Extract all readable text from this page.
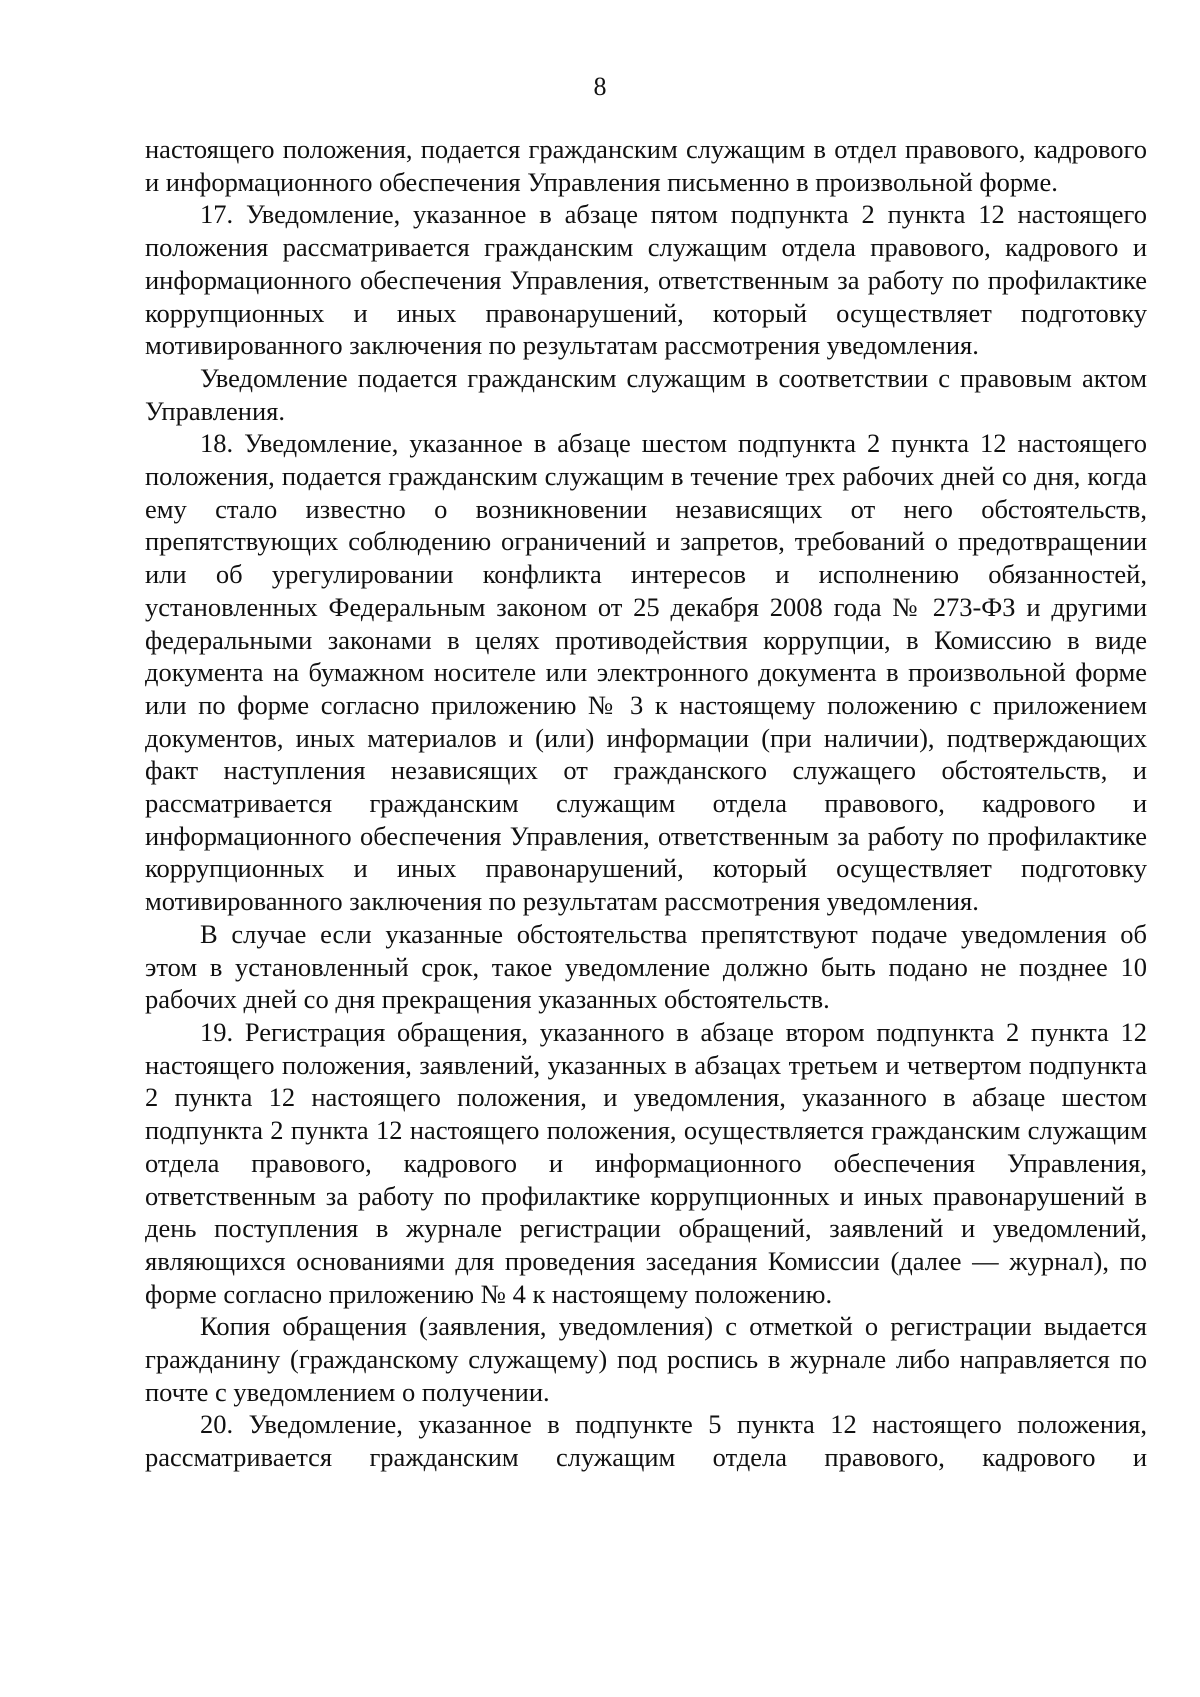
8

настоящего положения, подается гражданским служащим в отдел правового, кадрового и информационного обеспечения Управления письменно в произвольной форме.

17. Уведомление, указанное в абзаце пятом подпункта 2 пункта 12 настоящего положения рассматривается гражданским служащим отдела правового, кадрового и информационного обеспечения Управления, ответственным за работу по профилактике коррупционных и иных правонарушений, который осуществляет подготовку мотивированного заключения по результатам рассмотрения уведомления.

Уведомление подается гражданским служащим в соответствии с правовым актом Управления.

18. Уведомление, указанное в абзаце шестом подпункта 2 пункта 12 настоящего положения, подается гражданским служащим в течение трех рабочих дней со дня, когда ему стало известно о возникновении независящих от него обстоятельств, препятствующих соблюдению ограничений и запретов, требований о предотвращении или об урегулировании конфликта интересов и исполнению обязанностей, установленных Федеральным законом от 25 декабря 2008 года № 273-ФЗ и другими федеральными законами в целях противодействия коррупции, в Комиссию в виде документа на бумажном носителе или электронного документа в произвольной форме или по форме согласно приложению № 3 к настоящему положению с приложением документов, иных материалов и (или) информации (при наличии), подтверждающих факт наступления независящих от гражданского служащего обстоятельств, и рассматривается гражданским служащим отдела правового, кадрового и информационного обеспечения Управления, ответственным за работу по профилактике коррупционных и иных правонарушений, который осуществляет подготовку мотивированного заключения по результатам рассмотрения уведомления.

В случае если указанные обстоятельства препятствуют подаче уведомления об этом в установленный срок, такое уведомление должно быть подано не позднее 10 рабочих дней со дня прекращения указанных обстоятельств.

19. Регистрация обращения, указанного в абзаце втором подпункта 2 пункта 12 настоящего положения, заявлений, указанных в абзацах третьем и четвертом подпункта 2 пункта 12 настоящего положения, и уведомления, указанного в абзаце шестом подпункта 2 пункта 12 настоящего положения, осуществляется гражданским служащим отдела правового, кадрового и информационного обеспечения Управления, ответственным за работу по профилактике коррупционных и иных правонарушений в день поступления в журнале регистрации обращений, заявлений и уведомлений, являющихся основаниями для проведения заседания Комиссии (далее — журнал), по форме согласно приложению № 4 к настоящему положению.

Копия обращения (заявления, уведомления) с отметкой о регистрации выдается гражданину (гражданскому служащему) под роспись в журнале либо направляется по почте с уведомлением о получении.

20. Уведомление, указанное в подпункте 5 пункта 12 настоящего положения, рассматривается гражданским служащим отдела правового, кадрового и
